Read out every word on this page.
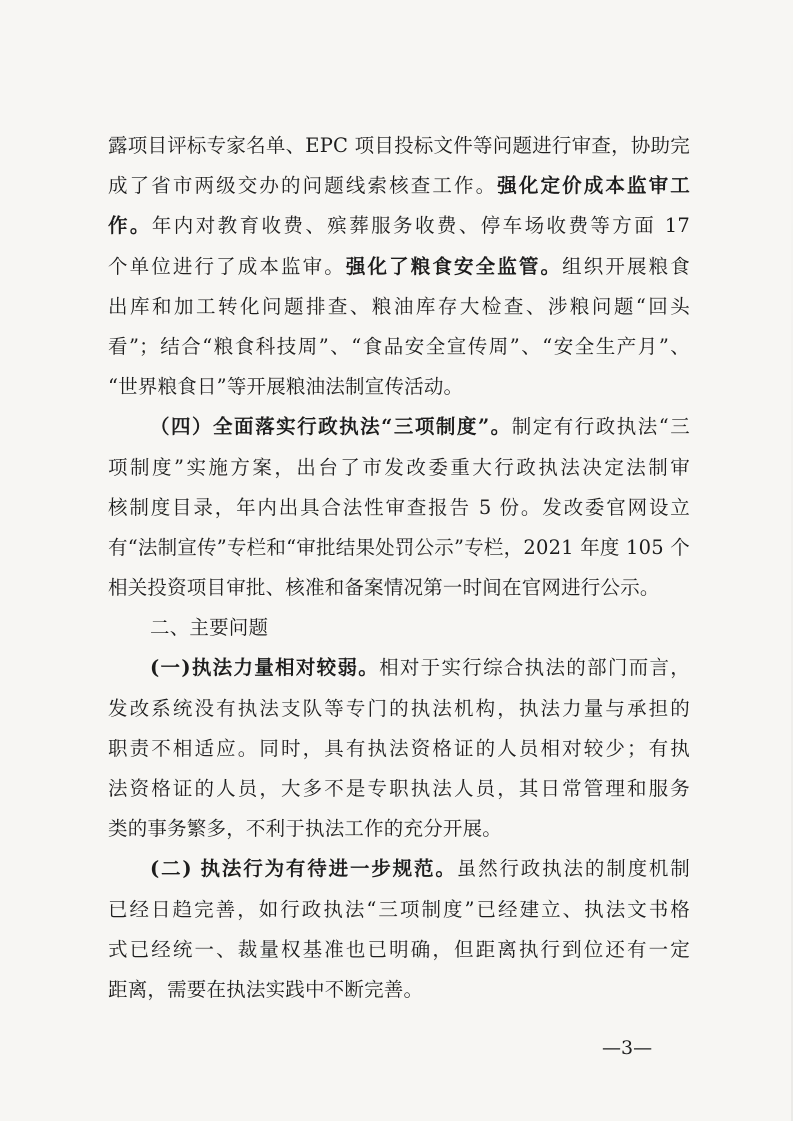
露项目评标专家名单、EPC 项目投标文件等问题进行审查，协助完
成了省市两级交办的问题线索核查工作。强化定价成本监审工
作。年内对教育收费、殡葬服务收费、停车场收费等方面 17
个单位进行了成本监审。强化了粮食安全监管。组织开展粮食
出库和加工转化问题排查、粮油库存大检查、涉粮问题“回头
看”；结合“粮食科技周”、“食品安全宣传周”、“安全生产月”、
“世界粮食日”等开展粮油法制宣传活动。
（四）全面落实行政执法“三项制度”。制定有行政执法“三
项制度”实施方案，出台了市发改委重大行政执法决定法制审
核制度目录，年内出具合法性审查报告 5 份。发改委官网设立
有“法制宣传”专栏和“审批结果处罚公示”专栏，2021 年度 105 个
相关投资项目审批、核准和备案情况第一时间在官网进行公示。
二、主要问题
(一)执法力量相对较弱。相对于实行综合执法的部门而言，
发改系统没有执法支队等专门的执法机构，执法力量与承担的
职责不相适应。同时，具有执法资格证的人员相对较少；有执
法资格证的人员，大多不是专职执法人员，其日常管理和服务
类的事务繁多，不利于执法工作的充分开展。
(二) 执法行为有待进一步规范。虽然行政执法的制度机制
已经日趋完善，如行政执法“三项制度”已经建立、执法文书格
式已经统一、裁量权基准也已明确，但距离执行到位还有一定
距离，需要在执法实践中不断完善。
—3—
